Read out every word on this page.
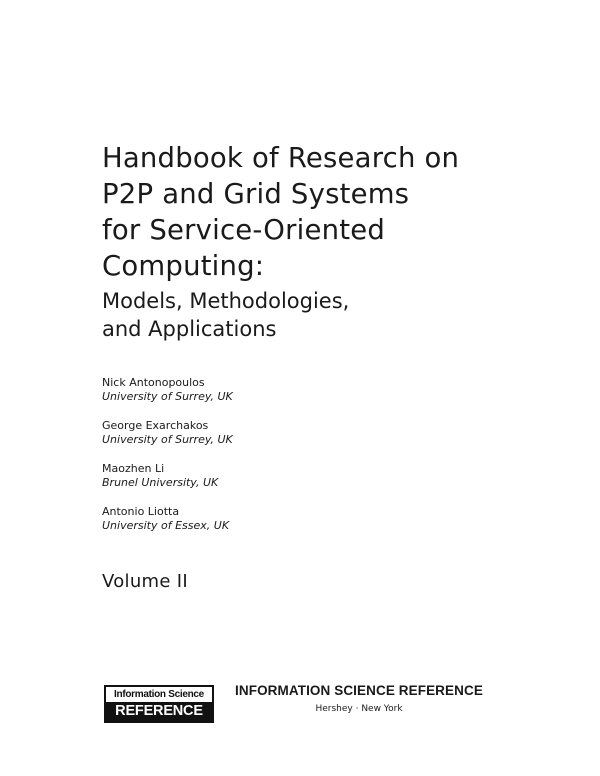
Handbook of Research on
P2P and Grid Systems
for Service-Oriented
Computing:
Models, Methodologies,
and Applications
Nick Antonopoulos
University of Surrey, UK
George Exarchakos
University of Surrey, UK
Maozhen Li
Brunel University, UK
Antonio Liotta
University of Essex, UK
Volume II
Information Science
REFERENCE
INFORMATION SCIENCE REFERENCE
Hershey · New York
